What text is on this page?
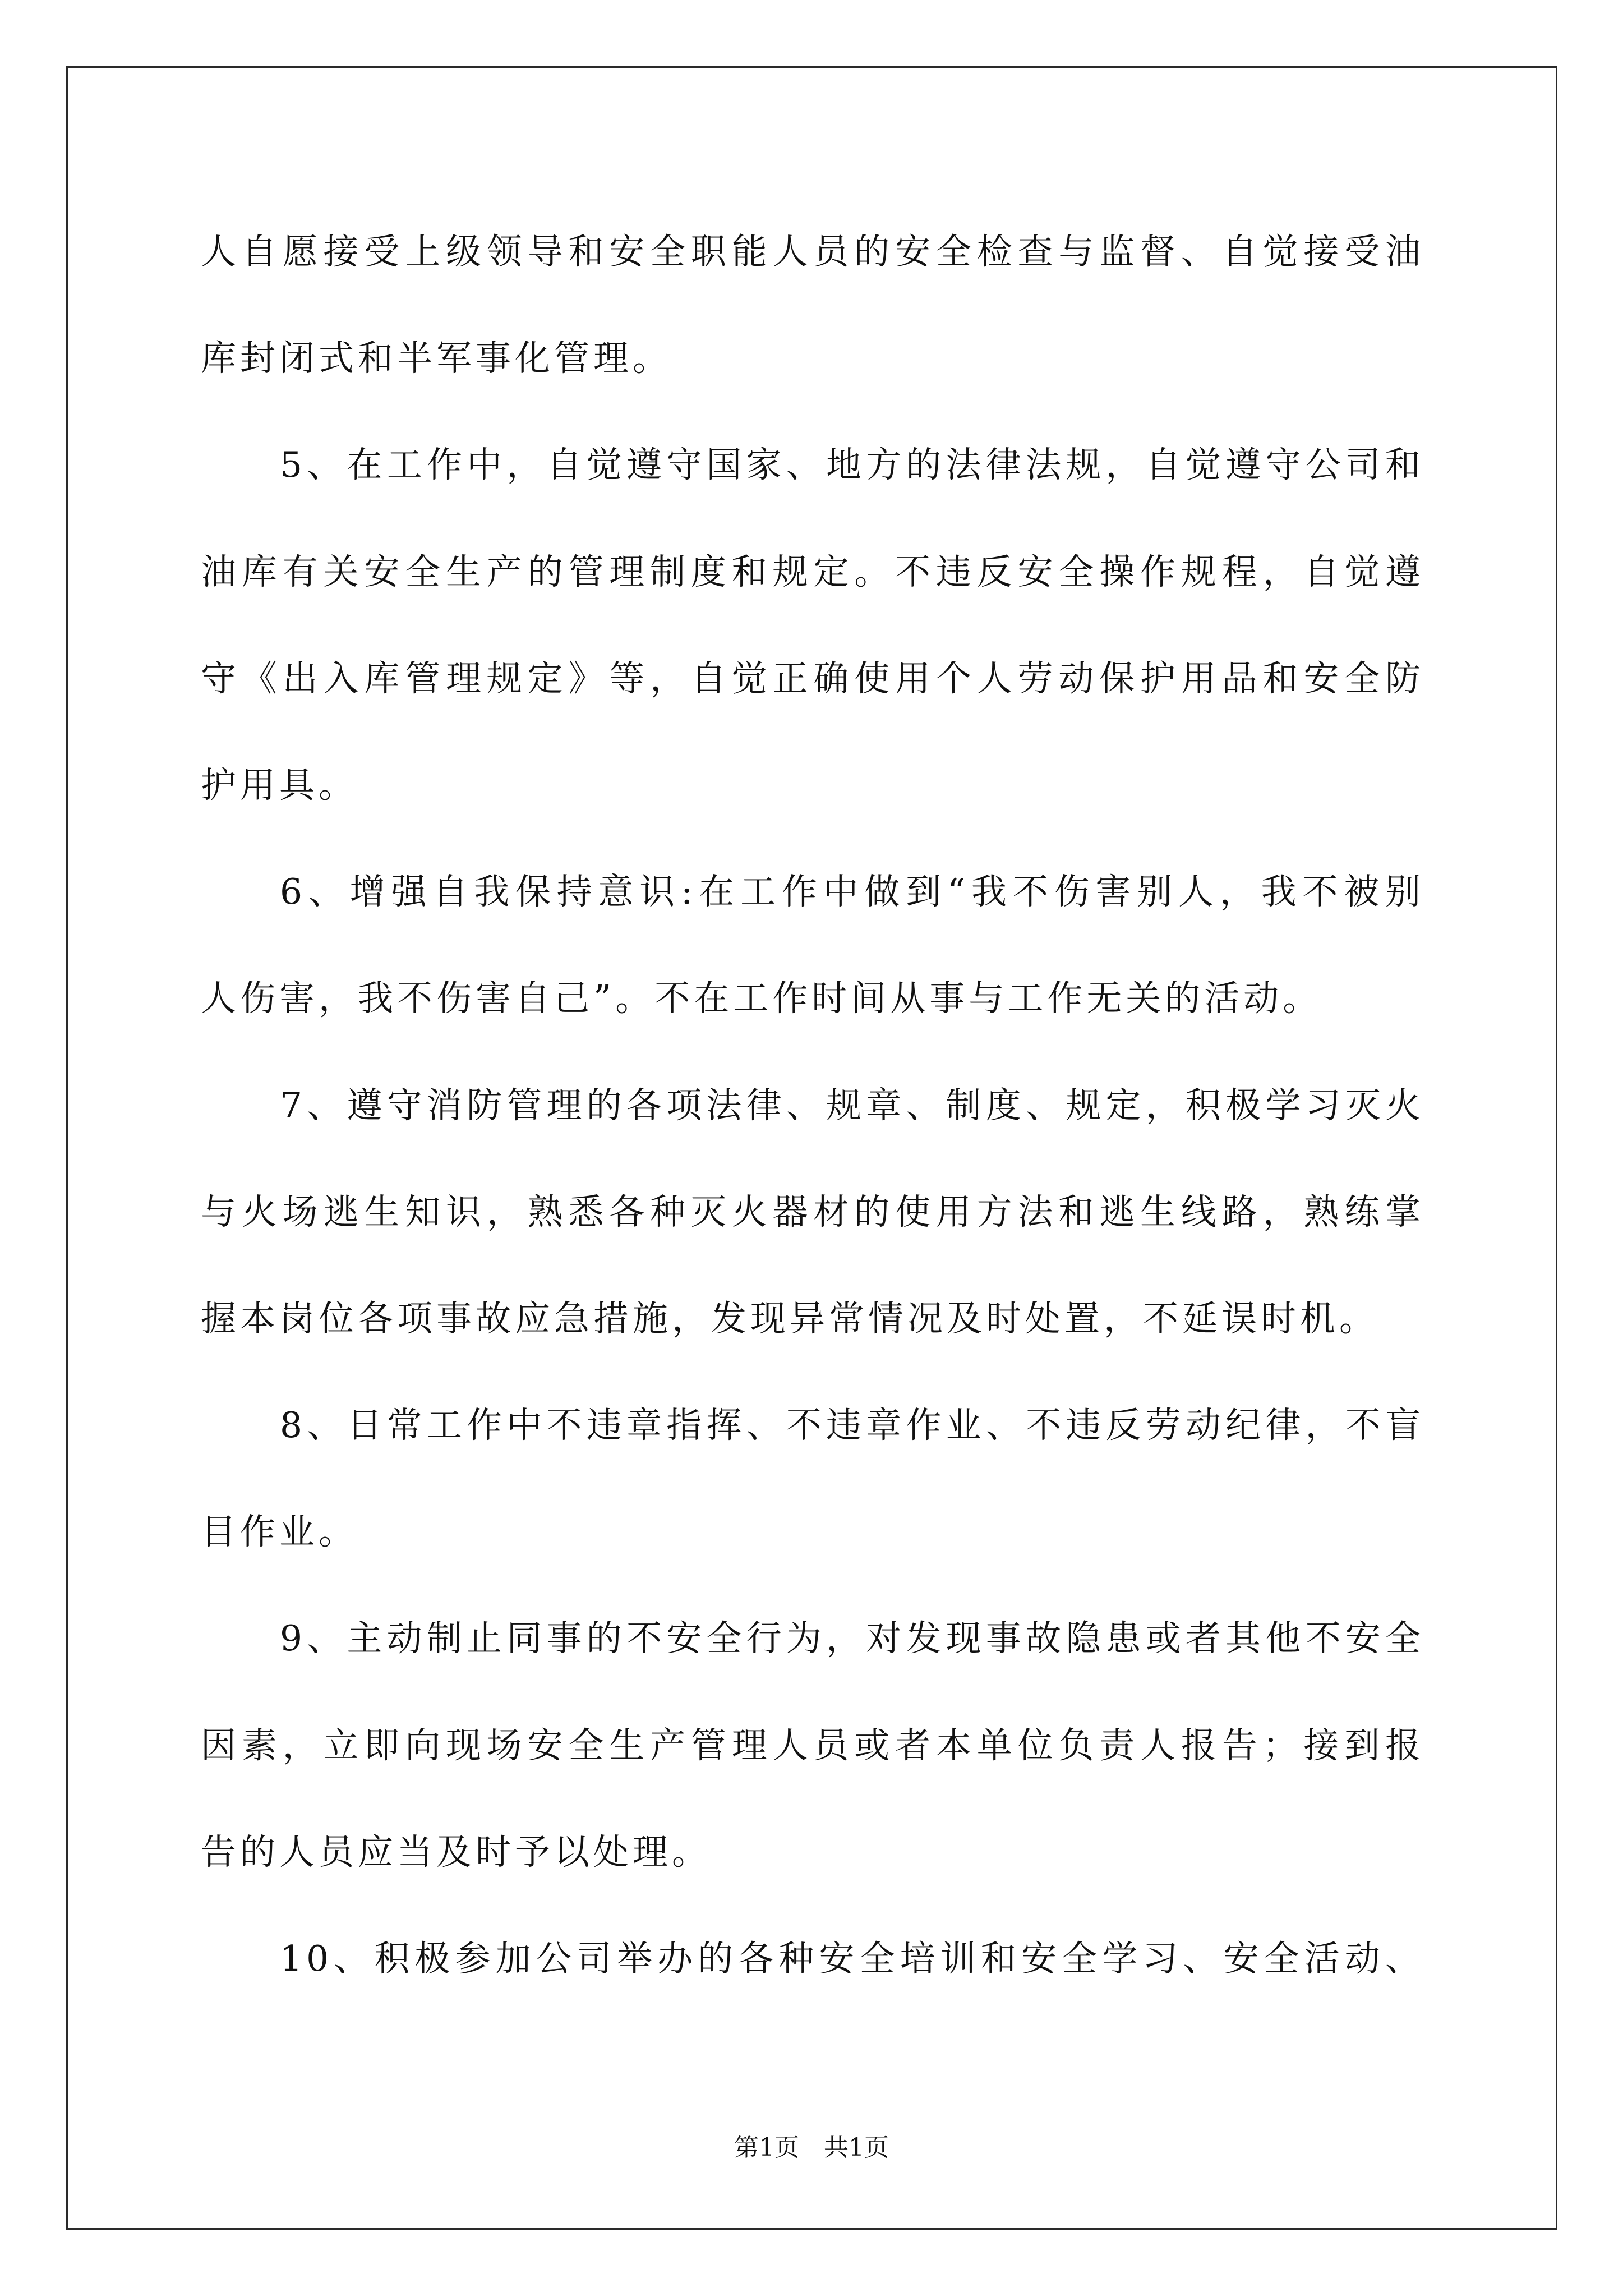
人自愿接受上级领导和安全职能人员的安全检查与监督、自觉接受油
库封闭式和半军事化管理。
5、在工作中，自觉遵守国家、地方的法律法规，自觉遵守公司和
油库有关安全生产的管理制度和规定。不违反安全操作规程，自觉遵
守《出入库管理规定》等，自觉正确使用个人劳动保护用品和安全防
护用具。
6、增强自我保持意识:在工作中做到“我不伤害别人，我不被别
人伤害，我不伤害自己”。不在工作时间从事与工作无关的活动。
7、遵守消防管理的各项法律、规章、制度、规定，积极学习灭火
与火场逃生知识，熟悉各种灭火器材的使用方法和逃生线路，熟练掌
握本岗位各项事故应急措施，发现异常情况及时处置，不延误时机。
8、日常工作中不违章指挥、不违章作业、不违反劳动纪律，不盲
目作业。
9、主动制止同事的不安全行为，对发现事故隐患或者其他不安全
因素，立即向现场安全生产管理人员或者本单位负责人报告；接到报
告的人员应当及时予以处理。
10、积极参加公司举办的各种安全培训和安全学习、安全活动、
第1页　共1页
